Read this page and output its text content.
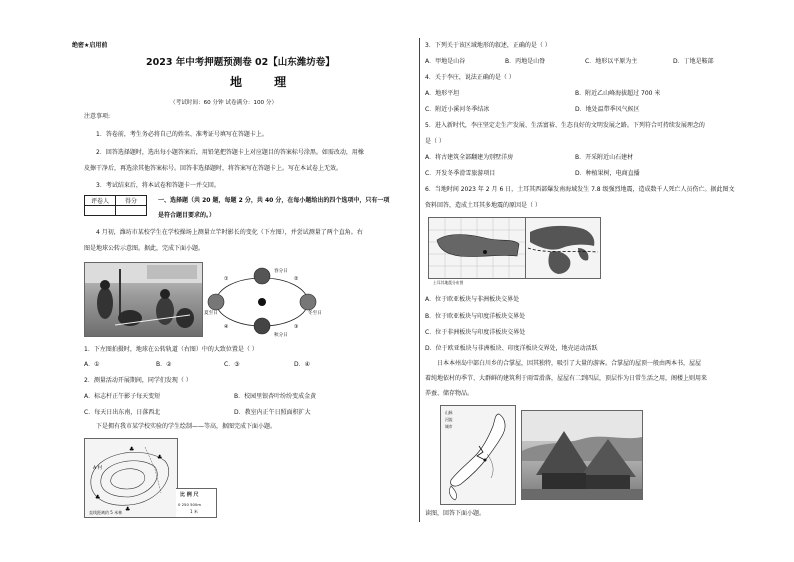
绝密★启用前
2023 年中考押题预测卷 02【山东潍坊卷】
地 理
（考试时间：60 分钟 试卷满分：100 分）
注意事项:
1．答卷前，考生务必将自己的姓名、准考证号填写在答题卡上。
2．回答选择题时，选出每小题答案后，用铅笔把答题卡上对应题目的答案标号涂黑。如需改动，用橡
皮擦干净后，再选涂其他答案标号。回答非选择题时，将答案写在答题卡上。写在本试卷上无效。
3．考试结束后，将本试卷和答题卡一并交回。
评卷人	得分
		一、选择题（共 20 题，每题 2 分，共 40 分，在每小题给出的四个选项中，只有一项
是符合题目要求的。）
4 月初，潍坊市某校学生在学校操场上测量立竿时影长的变化（下左图），并尝试测量了两个直角。右
图是地球公转示意图。据此，完成下面小题。
①	②
③
④
春分日
夏至日	冬至日
秋分日
1．下左图拍摄时，地球在公转轨道（右图）中的大致位置是（ ）
A．①	B．②	C．③	D．④
2．测量活动开展期间，同学们发现（ ）
A．标志杆正午影子每天变短	B．校园里银杏叶纷纷变成金黄
C．每天日出东南，日落西北	D．教室内正午日照面积扩大
下是拥有我市某学校实验的学生绘制——等高，据图完成下面小题。
♣
♣
♣
♣
A 村
直线距离约 5 米林
比 例 尺
0 250 500m
1 米
3．下列关于该区域地形的叙述，正确的是（ ）
A．甲地是山谷	B．丙地是山脊	C．地形以平原为主	D．丁地是鞍部
4．关于李庄，说法正确的是（ ）
A．地形平坦	B．附近乙山峰海拔超过 700 米
C．附近小溪河冬季结冰	D．地处温带季风气候区
5．进入新时代，李庄坚定走生产发展、生活富裕、生态良好的文明发展之路。下列符合可持续发展理念的
是（ ）
A．将古建筑全部翻建为别墅洋房	B．开采附近山石建材
C．开发冬季滑雪旅游项目	D．种植果树，电商直播
6．当地时间 2023 年 2 月 6 日，土耳其西部爆发南海域发生 7.8 级强烈地震，造成数千人死亡人员伤亡。据此图文
资料回答，造成土耳其多地震的原因是（ ）
土耳其地震分布图
A．位于欧亚板块与非洲板块交界处
B．位于欧亚板块与印度洋板块交界处
C．位于非洲板块与印度洋板块交界处
D．位于欧亚板块与非洲板块、印度洋板块交界处，地壳运动活跃
日本本州岛中部白川乡的合掌屋，因其独特，吸引了大量的游客。合掌屋的屋顶一般由两本书，屋屋
着纯地依村的季节、大群鲜的建筑利于雨雪滑落，屋屋有二到四层，顶层作为日常生活之用，阁楼上则用来
养蚕、储存物品。
山脉
河流
城市
读图，回答下面小题。
